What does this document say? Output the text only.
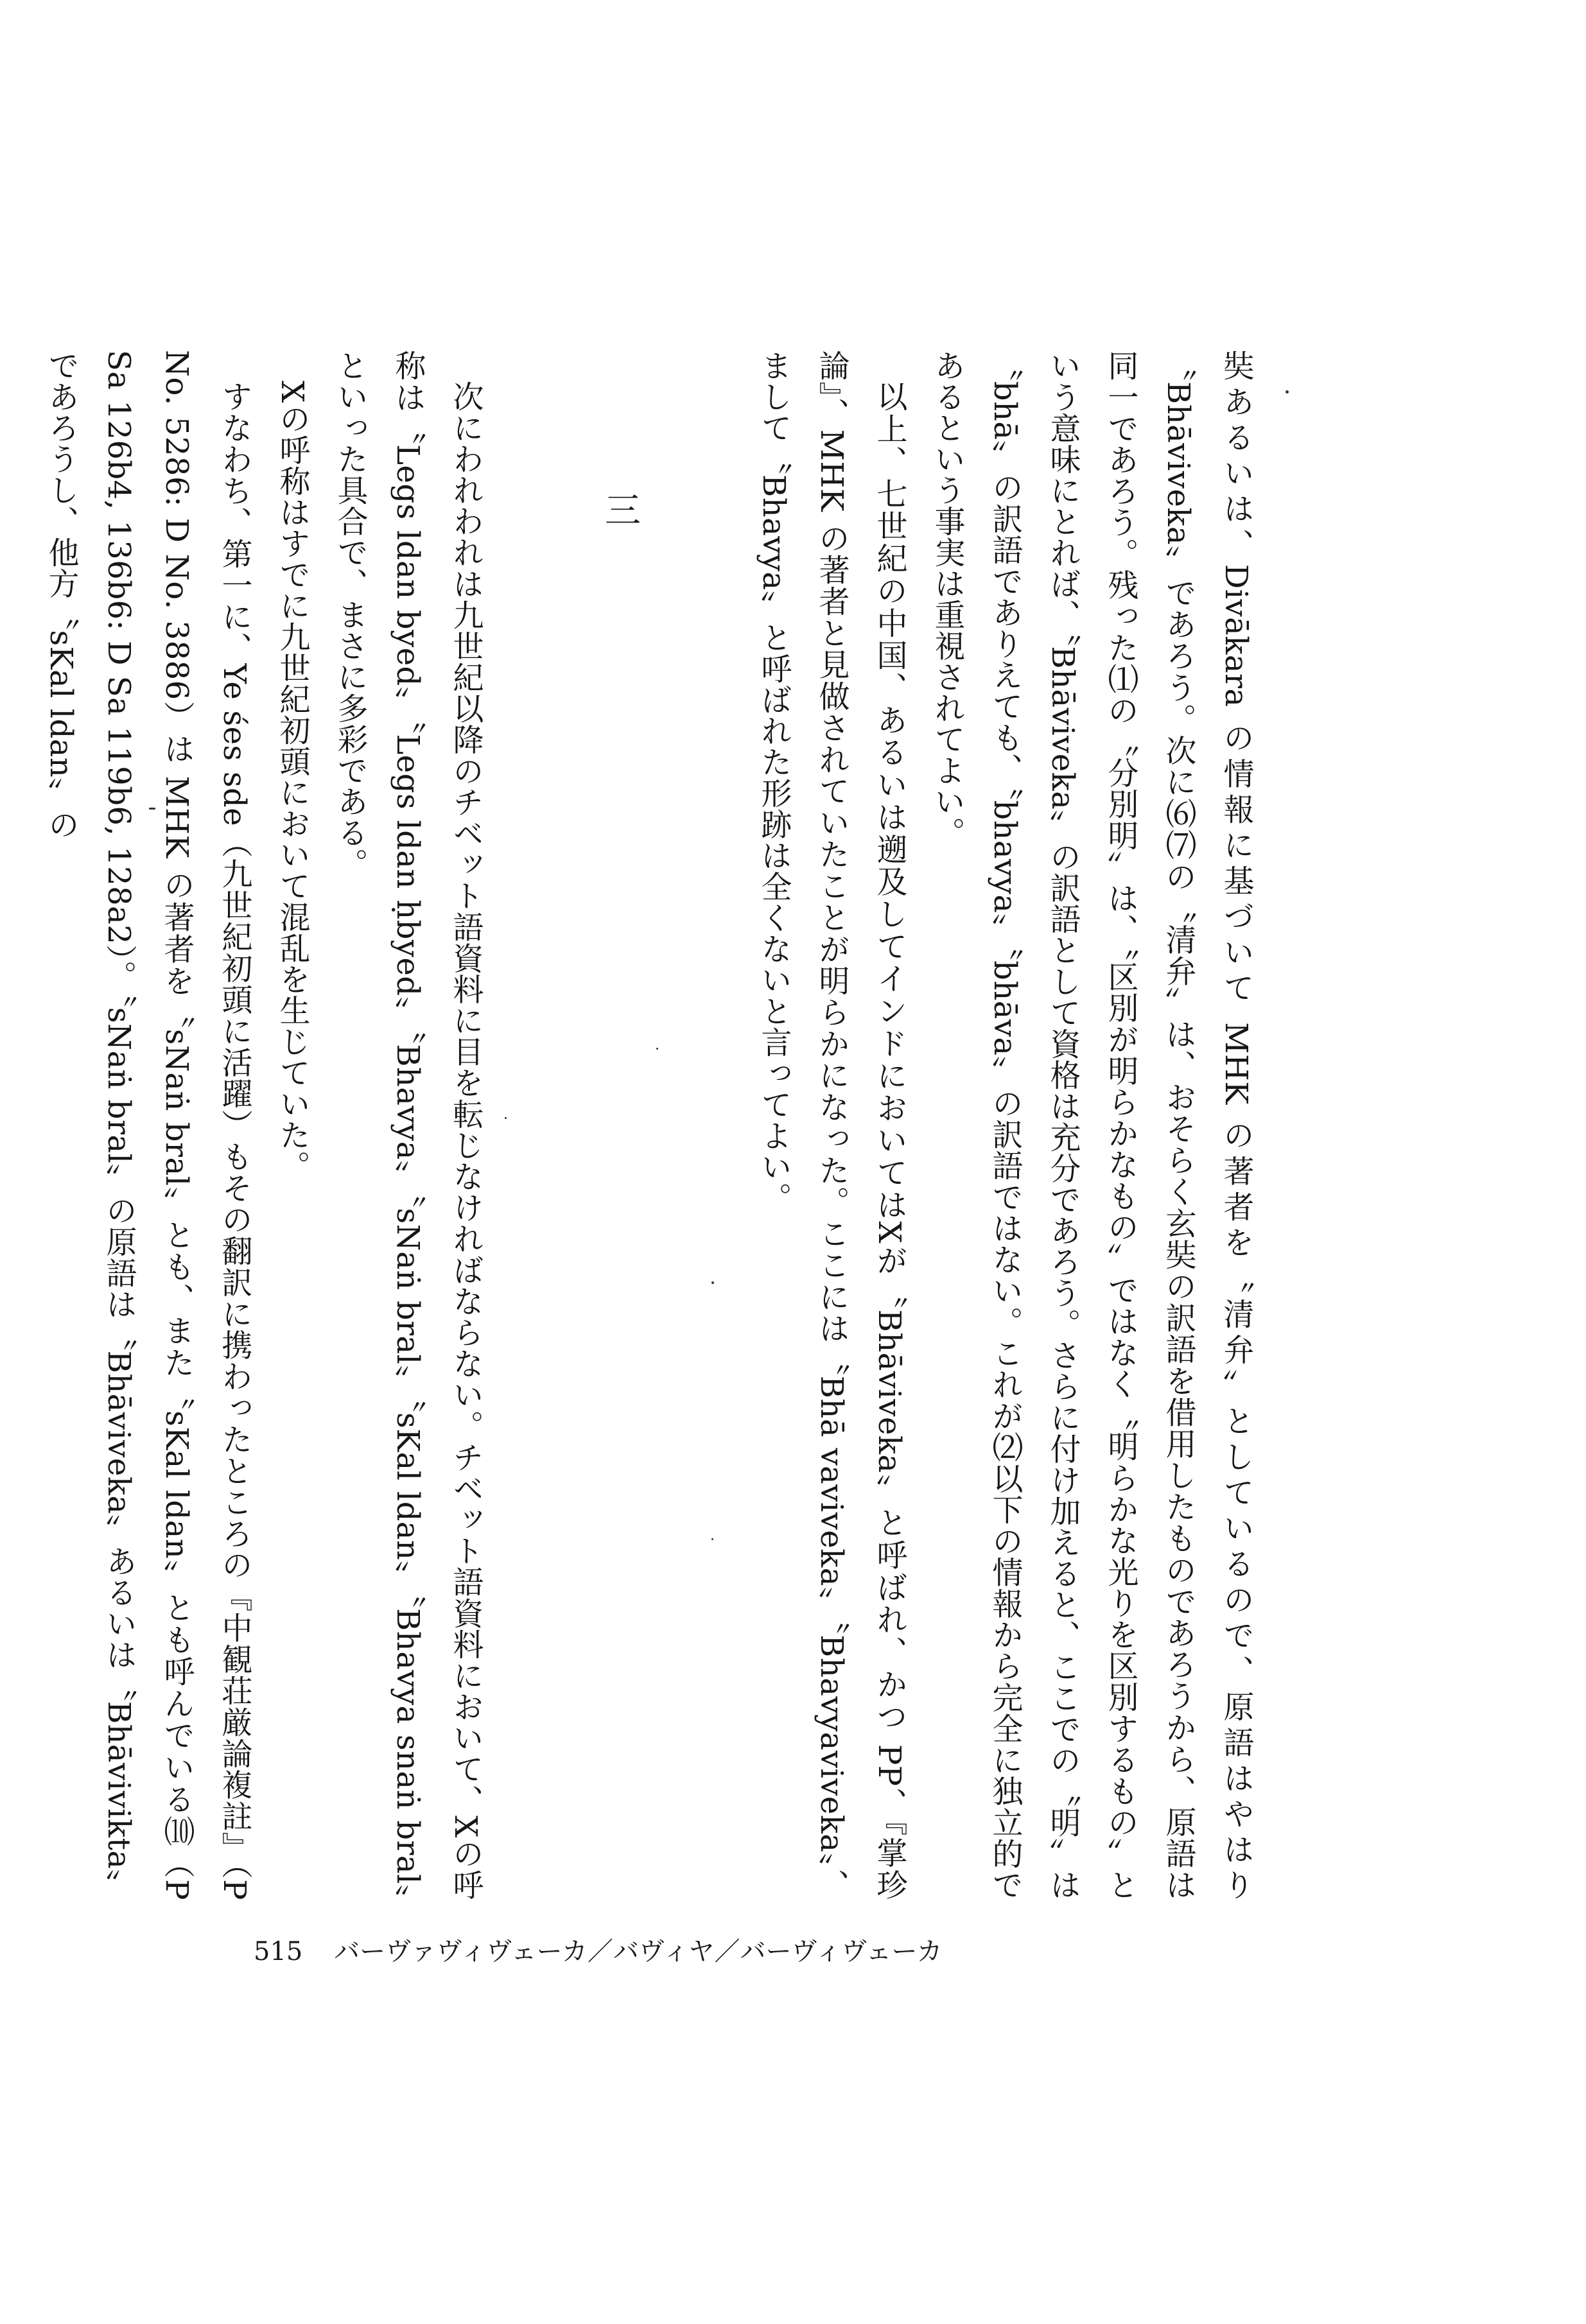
奘あるいは、Divākara の情報に基づいて MHK の著者を〝清弁〟としているので、原語はやはり〝Bhāviveka〟であろう。次に⑹⑺の〝清弁〟は、おそらく玄奘の訳語を借用したものであろうから、原語は同一であろう。残った⑴の〝分別明〟は、〝区別が明らかなもの〟ではなく〝明らかな光りを区別するもの〟という意味にとれば、〝Bhāviveka〟の訳語として資格は充分であろう。さらに付け加えると、ここでの〝明〟は〝bhā〟の訳語でありえても、〝bhavya〟〝bhāva〟の訳語ではない。これが⑵以下の情報から完全に独立的であるという事実は重視されてよい。

以上、七世紀の中国、あるいは遡及してインドにおいてはXが〝Bhāviveka〟と呼ばれ、かつ PP、『掌珍論』、MHK の著者と見做されていたことが明らかになった。ここには〝Bhā vaviveka〟〝Bhavyaviveka〟、まして〝Bhavya〟と呼ばれた形跡は全くないと言ってよい。

三

次にわれわれは九世紀以降のチベット語資料に目を転じなければならない。チベット語資料において、Xの呼称は〝Legs ldan byed〟〝Legs ldan ḥbyed〟〝Bhavya〟〝sNaṅ bral〟〝sKal ldan〟〝Bhavya snaṅ bral〟といった具合で、まさに多彩である。

Xの呼称はすでに九世紀初頭において混乱を生じていた。

すなわち、第一に、Ye śes sde（九世紀初頭に活躍）もその翻訳に携わったところの『中観荘厳論複註』（P No. 5286: D No. 3886）は MHK の著者を〝sNaṅ bral〟とも、また〝sKal ldan〟とも呼んでいる⑽（P Sa 126b4, 136b6: D Sa 119b6, 128a2）。〝sNaṅ bral〟の原語は〝Bhāviveka〟あるいは〝Bhāvivikta〟であろうし、他方〝sKal ldan〟の

515 バーヴァヴィヴェーカ／バヴィヤ／バーヴィヴェーカ
